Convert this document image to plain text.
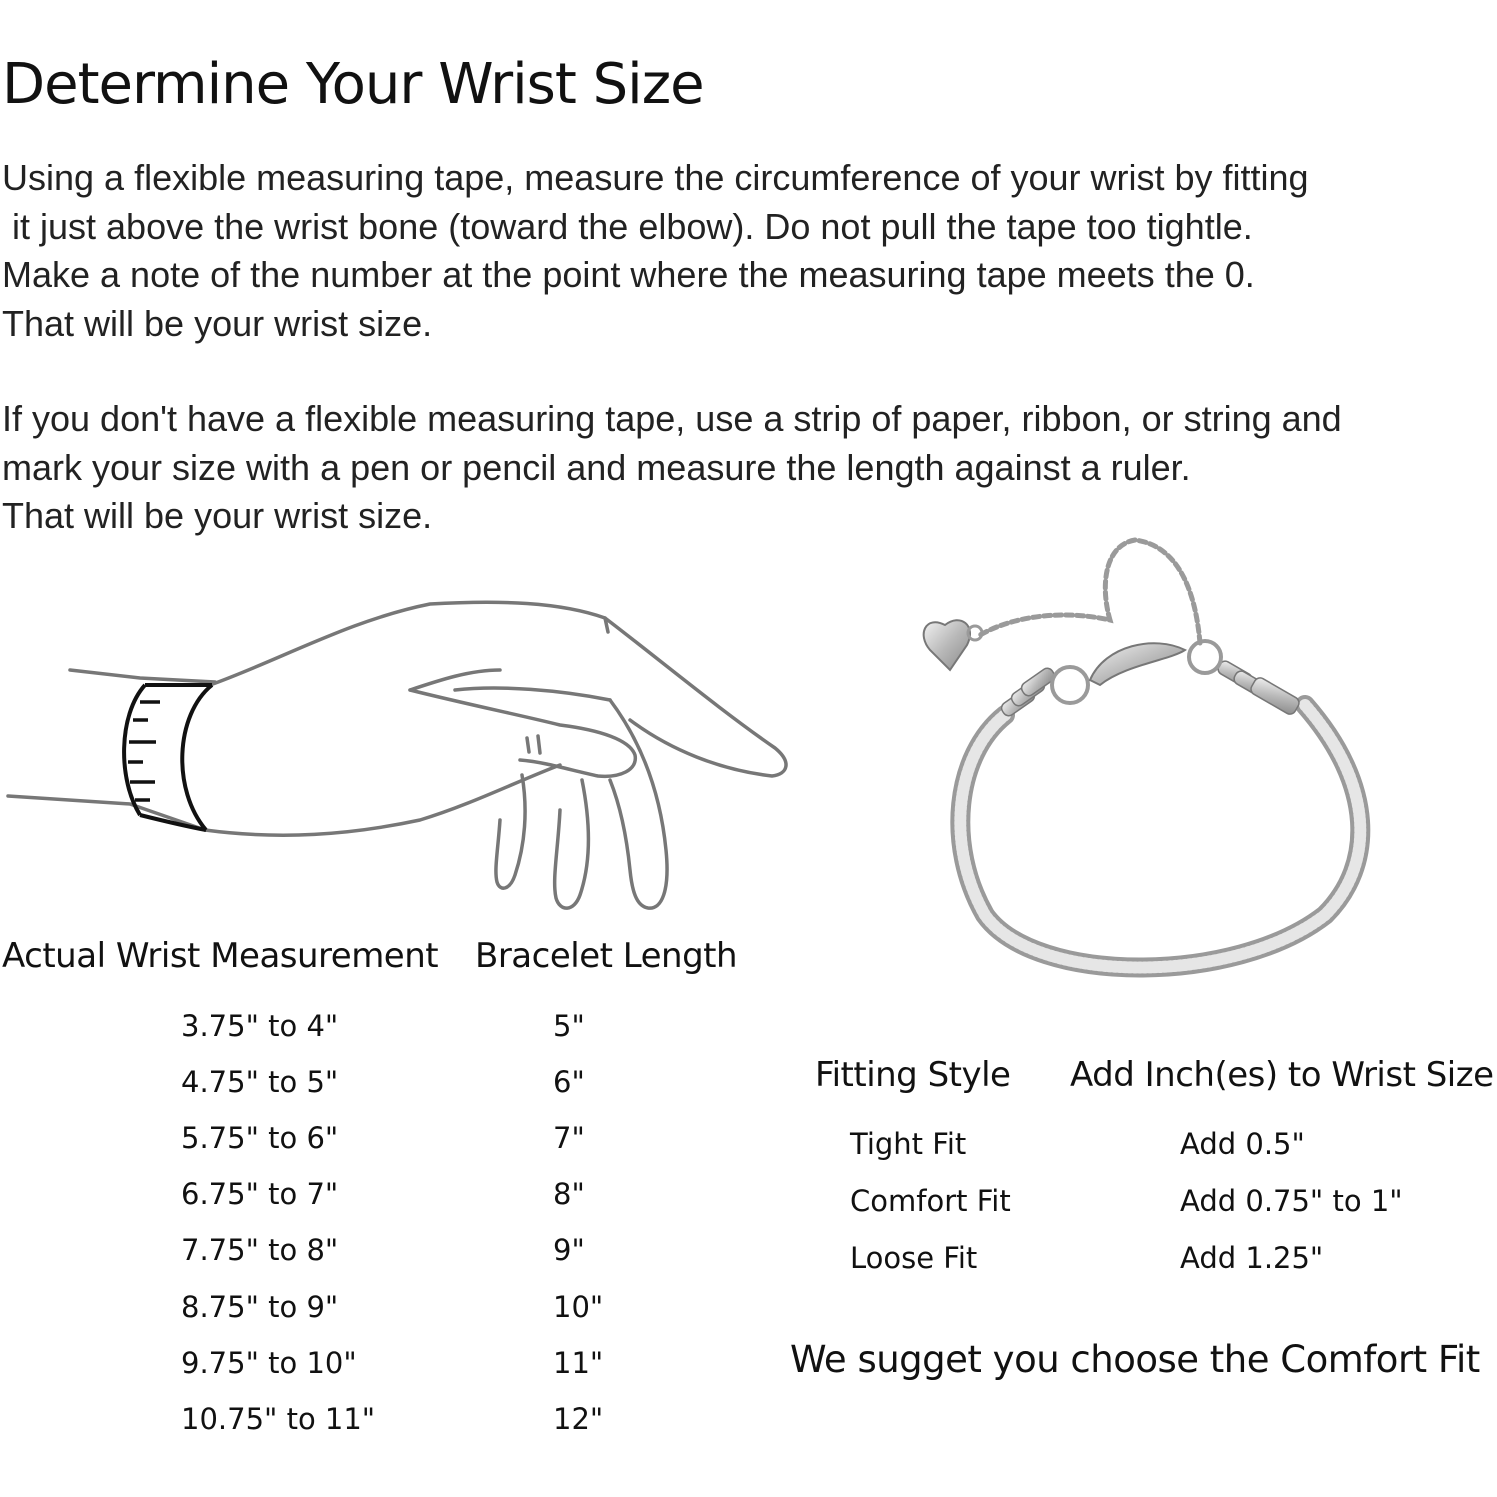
Determine Your Wrist Size
Using a flexible measuring tape, measure the circumference of your wrist by fitting
it just above the wrist bone (toward the elbow). Do not pull the tape too tightle.
Make a note of the number at the point where the measuring tape meets the 0.
That will be your wrist size.
If you don't have a flexible measuring tape, use a strip of paper, ribbon, or string and
mark your size with a pen or pencil and measure the length against a ruler.
That will be your wrist size.
Actual Wrist Measurement Bracelet Length
3.75" to 4"	5"
4.75" to 5"	6"
5.75" to 6"	7"
6.75" to 7"	8"
7.75" to 8"	9"
8.75" to 9"	10"
9.75" to 10"	11"
10.75" to 11"	12"
Fitting Style Add Inch(es) to Wrist Size
Tight Fit	Add 0.5"
Comfort Fit	Add 0.75" to 1"
Loose Fit	Add 1.25"
We sugget you choose the Comfort Fit
